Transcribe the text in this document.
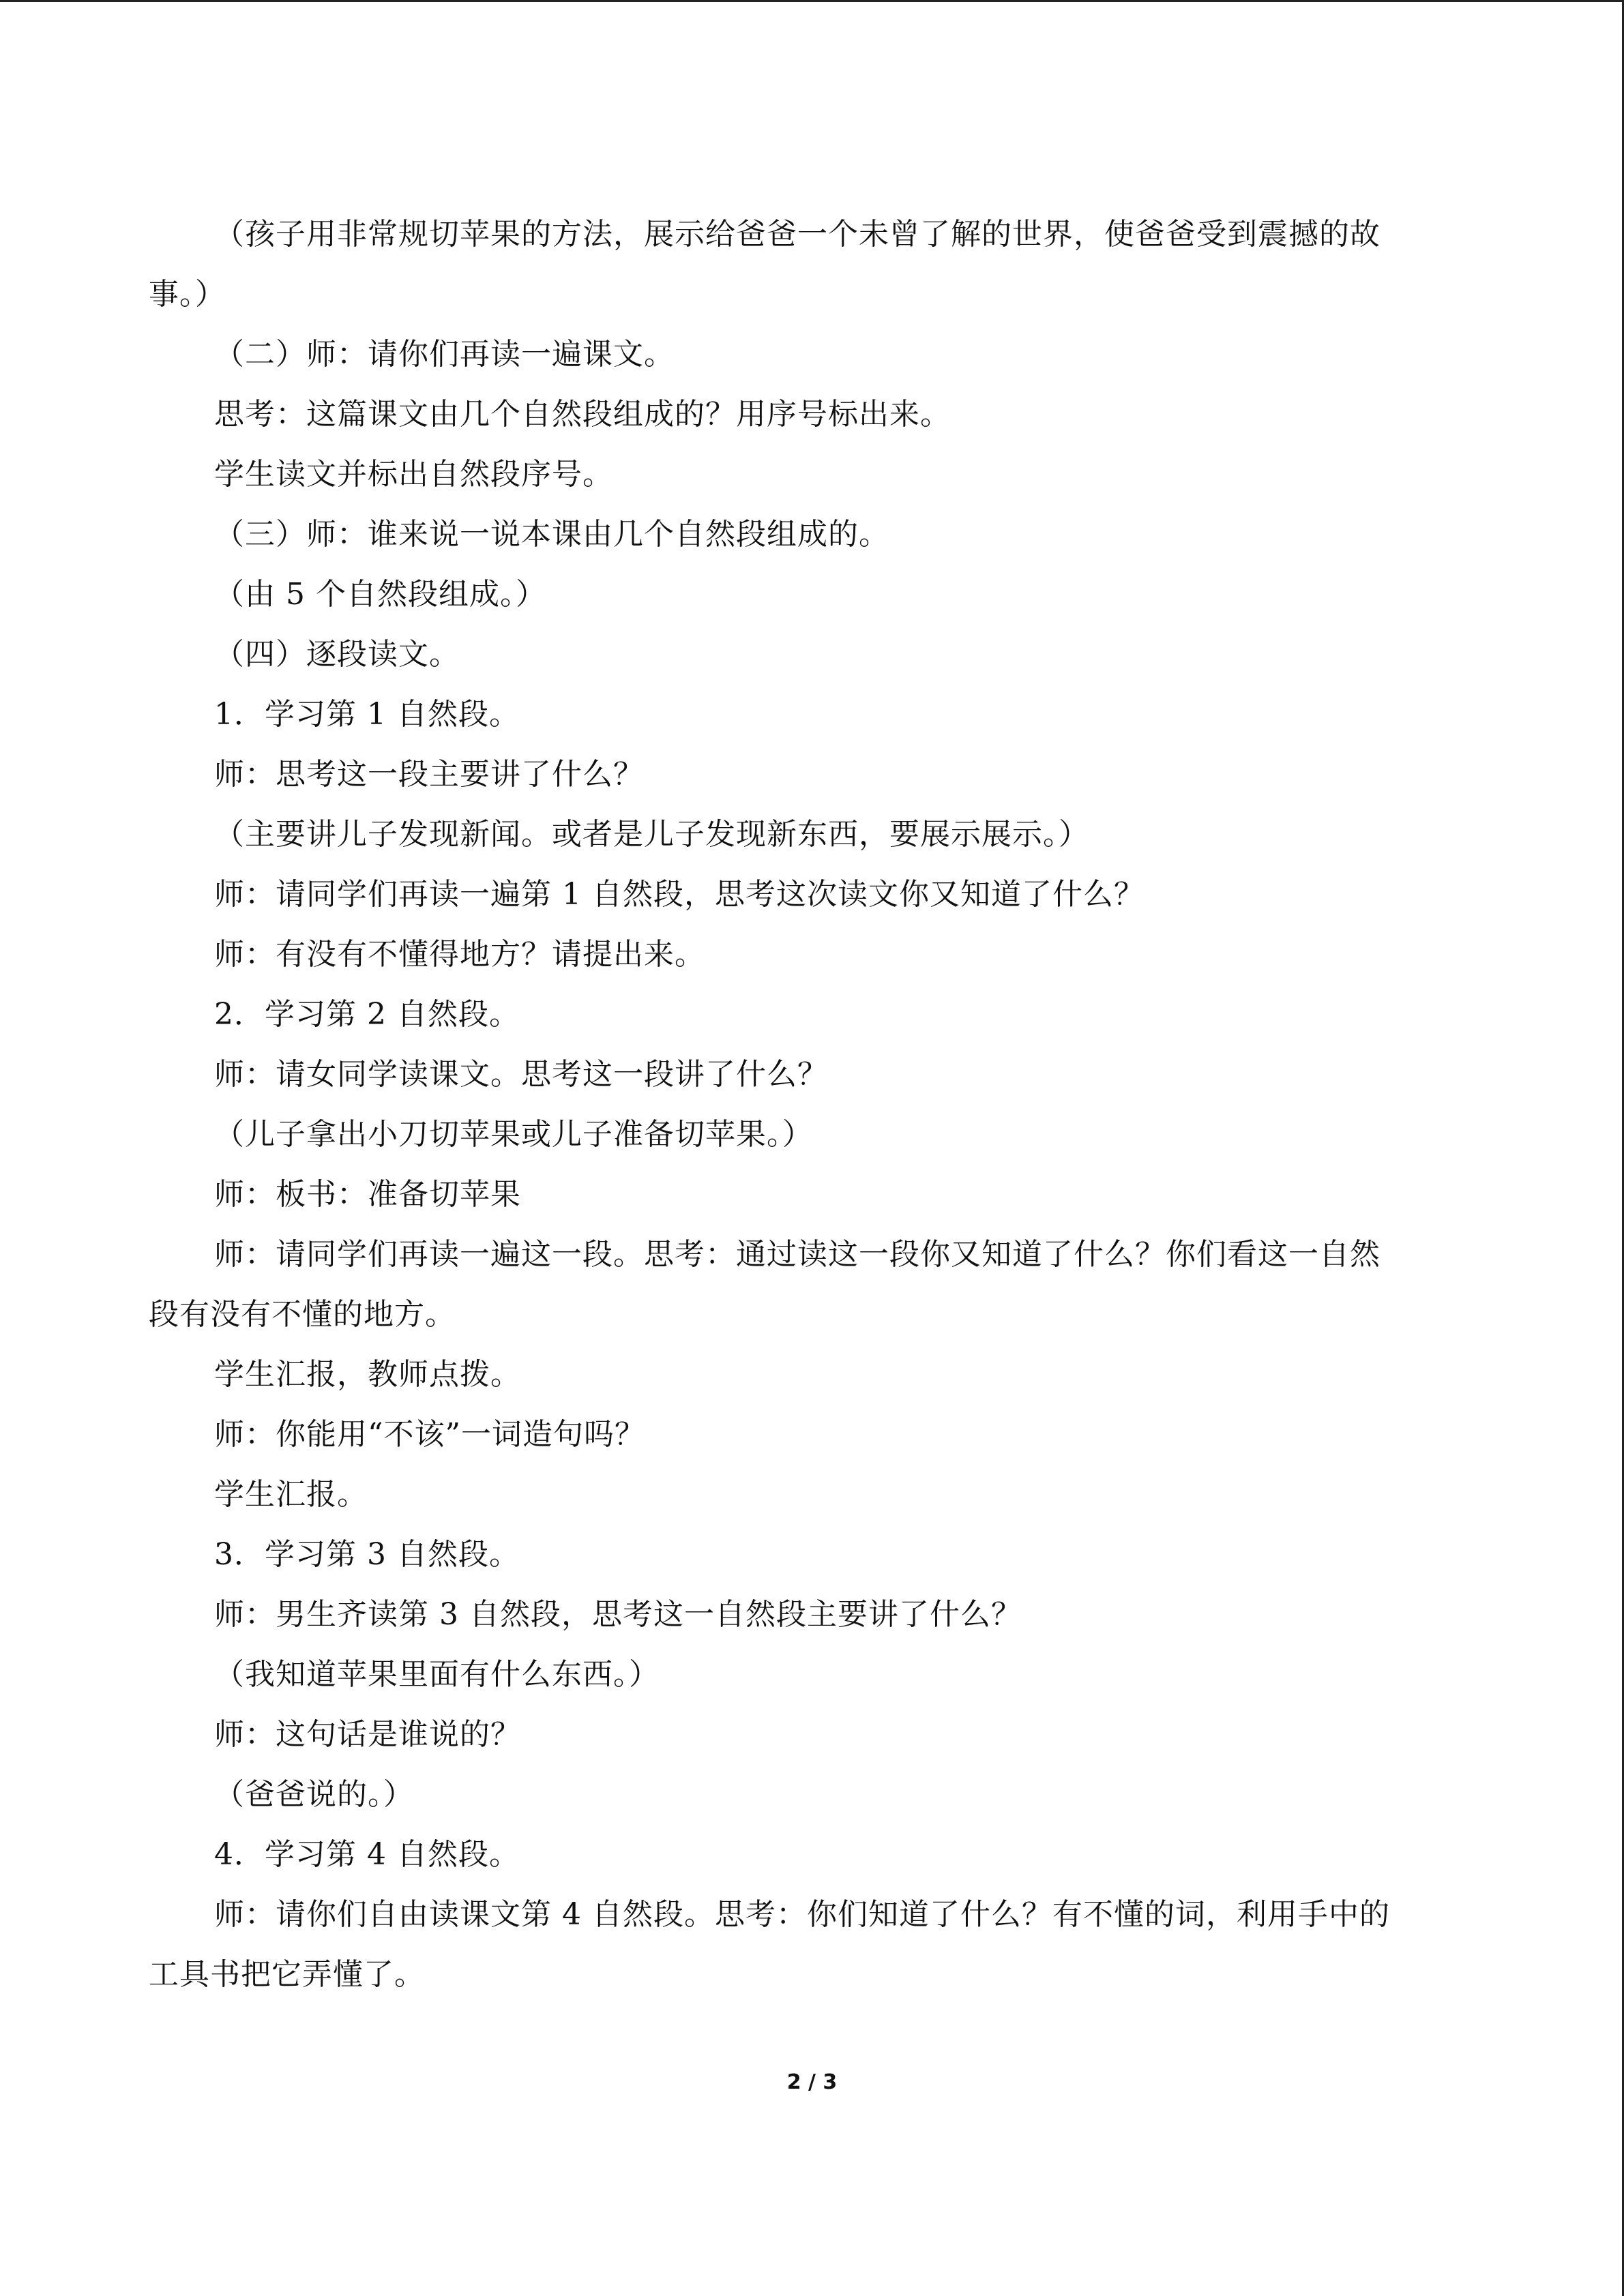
（孩子用非常规切苹果的方法，展示给爸爸一个未曾了解的世界，使爸爸受到震撼的故
事。）
（二）师：请你们再读一遍课文。
思考：这篇课文由几个自然段组成的？用序号标出来。
学生读文并标出自然段序号。
（三）师：谁来说一说本课由几个自然段组成的。
（由 5 个自然段组成。）
（四）逐段读文。
1．学习第 1 自然段。
师：思考这一段主要讲了什么？
（主要讲儿子发现新闻。或者是儿子发现新东西，要展示展示。）
师：请同学们再读一遍第 1 自然段，思考这次读文你又知道了什么？
师：有没有不懂得地方？请提出来。
2．学习第 2 自然段。
师：请女同学读课文。思考这一段讲了什么？
（儿子拿出小刀切苹果或儿子准备切苹果。）
师：板书：准备切苹果
师：请同学们再读一遍这一段。思考：通过读这一段你又知道了什么？你们看这一自然
段有没有不懂的地方。
学生汇报，教师点拨。
师：你能用“不该”一词造句吗？
学生汇报。
3．学习第 3 自然段。
师：男生齐读第 3 自然段，思考这一自然段主要讲了什么？
（我知道苹果里面有什么东西。）
师：这句话是谁说的？
（爸爸说的。）
4．学习第 4 自然段。
师：请你们自由读课文第 4 自然段。思考：你们知道了什么？有不懂的词，利用手中的
工具书把它弄懂了。
2 / 3
